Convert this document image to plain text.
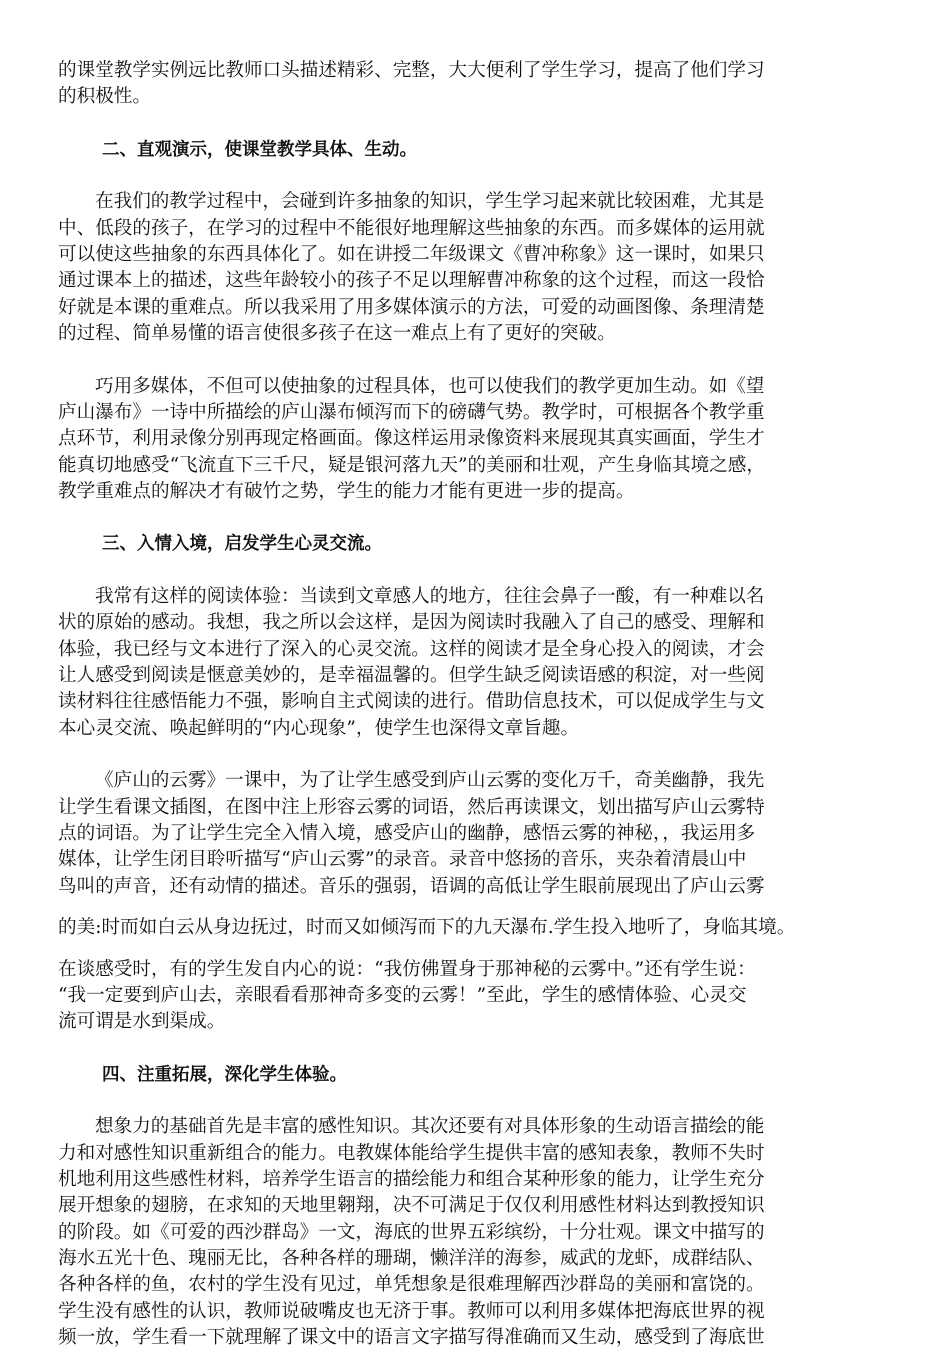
的课堂教学实例远比教师口头描述精彩、完整，大大便利了学生学习，提高了他们学习
的积极性。
二、直观演示，使课堂教学具体、生动。
在我们的教学过程中，会碰到许多抽象的知识，学生学习起来就比较困难，尤其是
中、低段的孩子，在学习的过程中不能很好地理解这些抽象的东西。而多媒体的运用就
可以使这些抽象的东西具体化了。如在讲授二年级课文《曹冲称象》这一课时，如果只
通过课本上的描述，这些年龄较小的孩子不足以理解曹冲称象的这个过程，而这一段恰
好就是本课的重难点。所以我采用了用多媒体演示的方法，可爱的动画图像、条理清楚
的过程、简单易懂的语言使很多孩子在这一难点上有了更好的突破。
巧用多媒体，不但可以使抽象的过程具体，也可以使我们的教学更加生动。如《望
庐山瀑布》一诗中所描绘的庐山瀑布倾泻而下的磅礴气势。教学时，可根据各个教学重
点环节，利用录像分别再现定格画面。像这样运用录像资料来展现其真实画面，学生才
能真切地感受“飞流直下三千尺，疑是银河落九天”的美丽和壮观，产生身临其境之感，
教学重难点的解决才有破竹之势，学生的能力才能有更进一步的提高。
三、入情入境，启发学生心灵交流。
我常有这样的阅读体验：当读到文章感人的地方，往往会鼻子一酸，有一种难以名
状的原始的感动。我想，我之所以会这样，是因为阅读时我融入了自己的感受、理解和
体验，我已经与文本进行了深入的心灵交流。这样的阅读才是全身心投入的阅读，才会
让人感受到阅读是惬意美妙的，是幸福温馨的。但学生缺乏阅读语感的积淀，对一些阅
读材料往往感悟能力不强，影响自主式阅读的进行。借助信息技术，可以促成学生与文
本心灵交流、唤起鲜明的“内心现象”，使学生也深得文章旨趣。
《庐山的云雾》一课中，为了让学生感受到庐山云雾的变化万千，奇美幽静，我先
让学生看课文插图，在图中注上形容云雾的词语，然后再读课文，划出描写庐山云雾特
点的词语。为了让学生完全入情入境，感受庐山的幽静，感悟云雾的神秘，，我运用多
媒体，让学生闭目聆听描写“庐山云雾”的录音。录音中悠扬的音乐，夹杂着清晨山中
鸟叫的声音，还有动情的描述。音乐的强弱，语调的高低让学生眼前展现出了庐山云雾
的美:时而如白云从身边抚过，时而又如倾泻而下的九天瀑布.学生投入地听了，身临其境。
在谈感受时，有的学生发自内心的说：“我仿佛置身于那神秘的云雾中。”还有学生说：
“我一定要到庐山去，亲眼看看那神奇多变的云雾！”至此，学生的感情体验、心灵交
流可谓是水到渠成。
四、注重拓展，深化学生体验。
想象力的基础首先是丰富的感性知识。其次还要有对具体形象的生动语言描绘的能
力和对感性知识重新组合的能力。电教媒体能给学生提供丰富的感知表象，教师不失时
机地利用这些感性材料，培养学生语言的描绘能力和组合某种形象的能力，让学生充分
展开想象的翅膀，在求知的天地里翱翔，决不可满足于仅仅利用感性材料达到教授知识
的阶段。如《可爱的西沙群岛》一文，海底的世界五彩缤纷，十分壮观。课文中描写的
海水五光十色、瑰丽无比，各种各样的珊瑚，懒洋洋的海参，威武的龙虾，成群结队、
各种各样的鱼，农村的学生没有见过，单凭想象是很难理解西沙群岛的美丽和富饶的。
学生没有感性的认识，教师说破嘴皮也无济于事。教师可以利用多媒体把海底世界的视
频一放，学生看一下就理解了课文中的语言文字描写得准确而又生动，感受到了海底世
